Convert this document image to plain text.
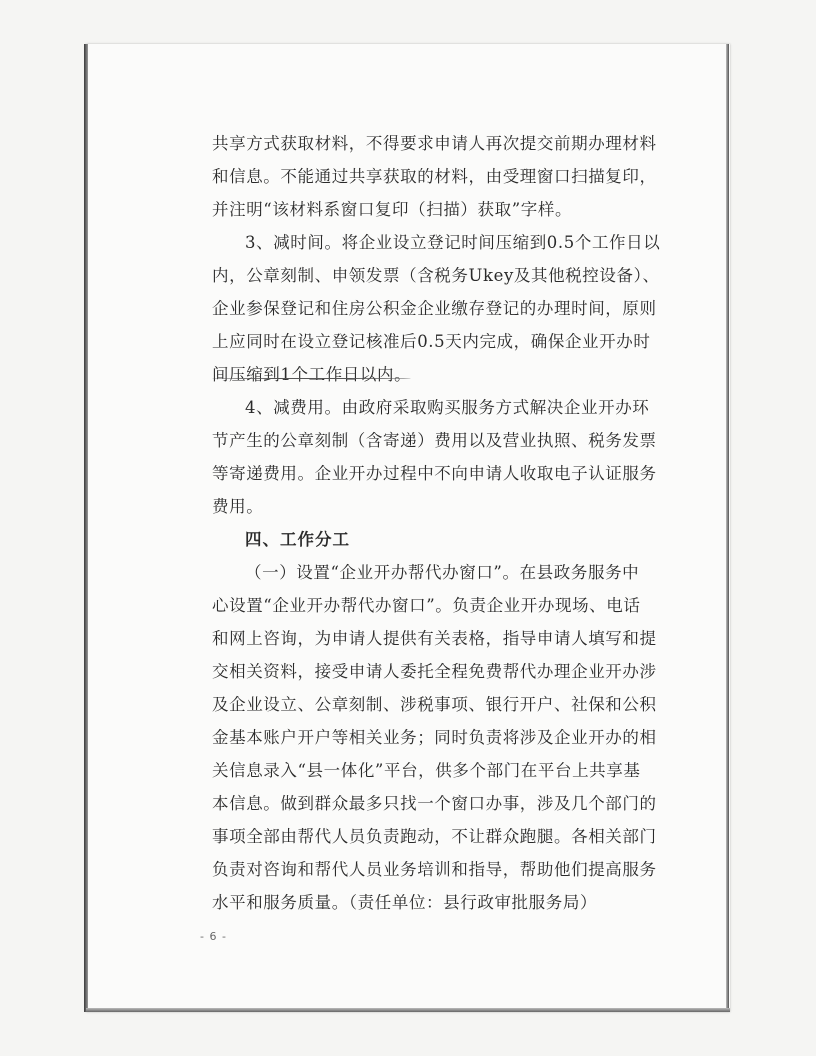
共享方式获取材料，不得要求申请人再次提交前期办理材料
和信息。不能通过共享获取的材料，由受理窗口扫描复印，
并注明“该材料系窗口复印（扫描）获取”字样。
3、减时间。将企业设立登记时间压缩到0.5个工作日以
内，公章刻制、申领发票（含税务Ukey及其他税控设备）、
企业参保登记和住房公积金企业缴存登记的办理时间，原则
上应同时在设立登记核准后0.5天内完成，确保企业开办时
间压缩到1个工作日以内。
4、减费用。由政府采取购买服务方式解决企业开办环
节产生的公章刻制（含寄递）费用以及营业执照、税务发票
等寄递费用。企业开办过程中不向申请人收取电子认证服务
费用。
四、工作分工
（一）设置“企业开办帮代办窗口”。在县政务服务中
心设置“企业开办帮代办窗口”。负责企业开办现场、电话
和网上咨询，为申请人提供有关表格，指导申请人填写和提
交相关资料，接受申请人委托全程免费帮代办理企业开办涉
及企业设立、公章刻制、涉税事项、银行开户、社保和公积
金基本账户开户等相关业务；同时负责将涉及企业开办的相
关信息录入“县一体化”平台，供多个部门在平台上共享基
本信息。做到群众最多只找一个窗口办事，涉及几个部门的
事项全部由帮代人员负责跑动，不让群众跑腿。各相关部门
负责对咨询和帮代人员业务培训和指导，帮助他们提高服务
水平和服务质量。（责任单位：县行政审批服务局）
- 6 -
